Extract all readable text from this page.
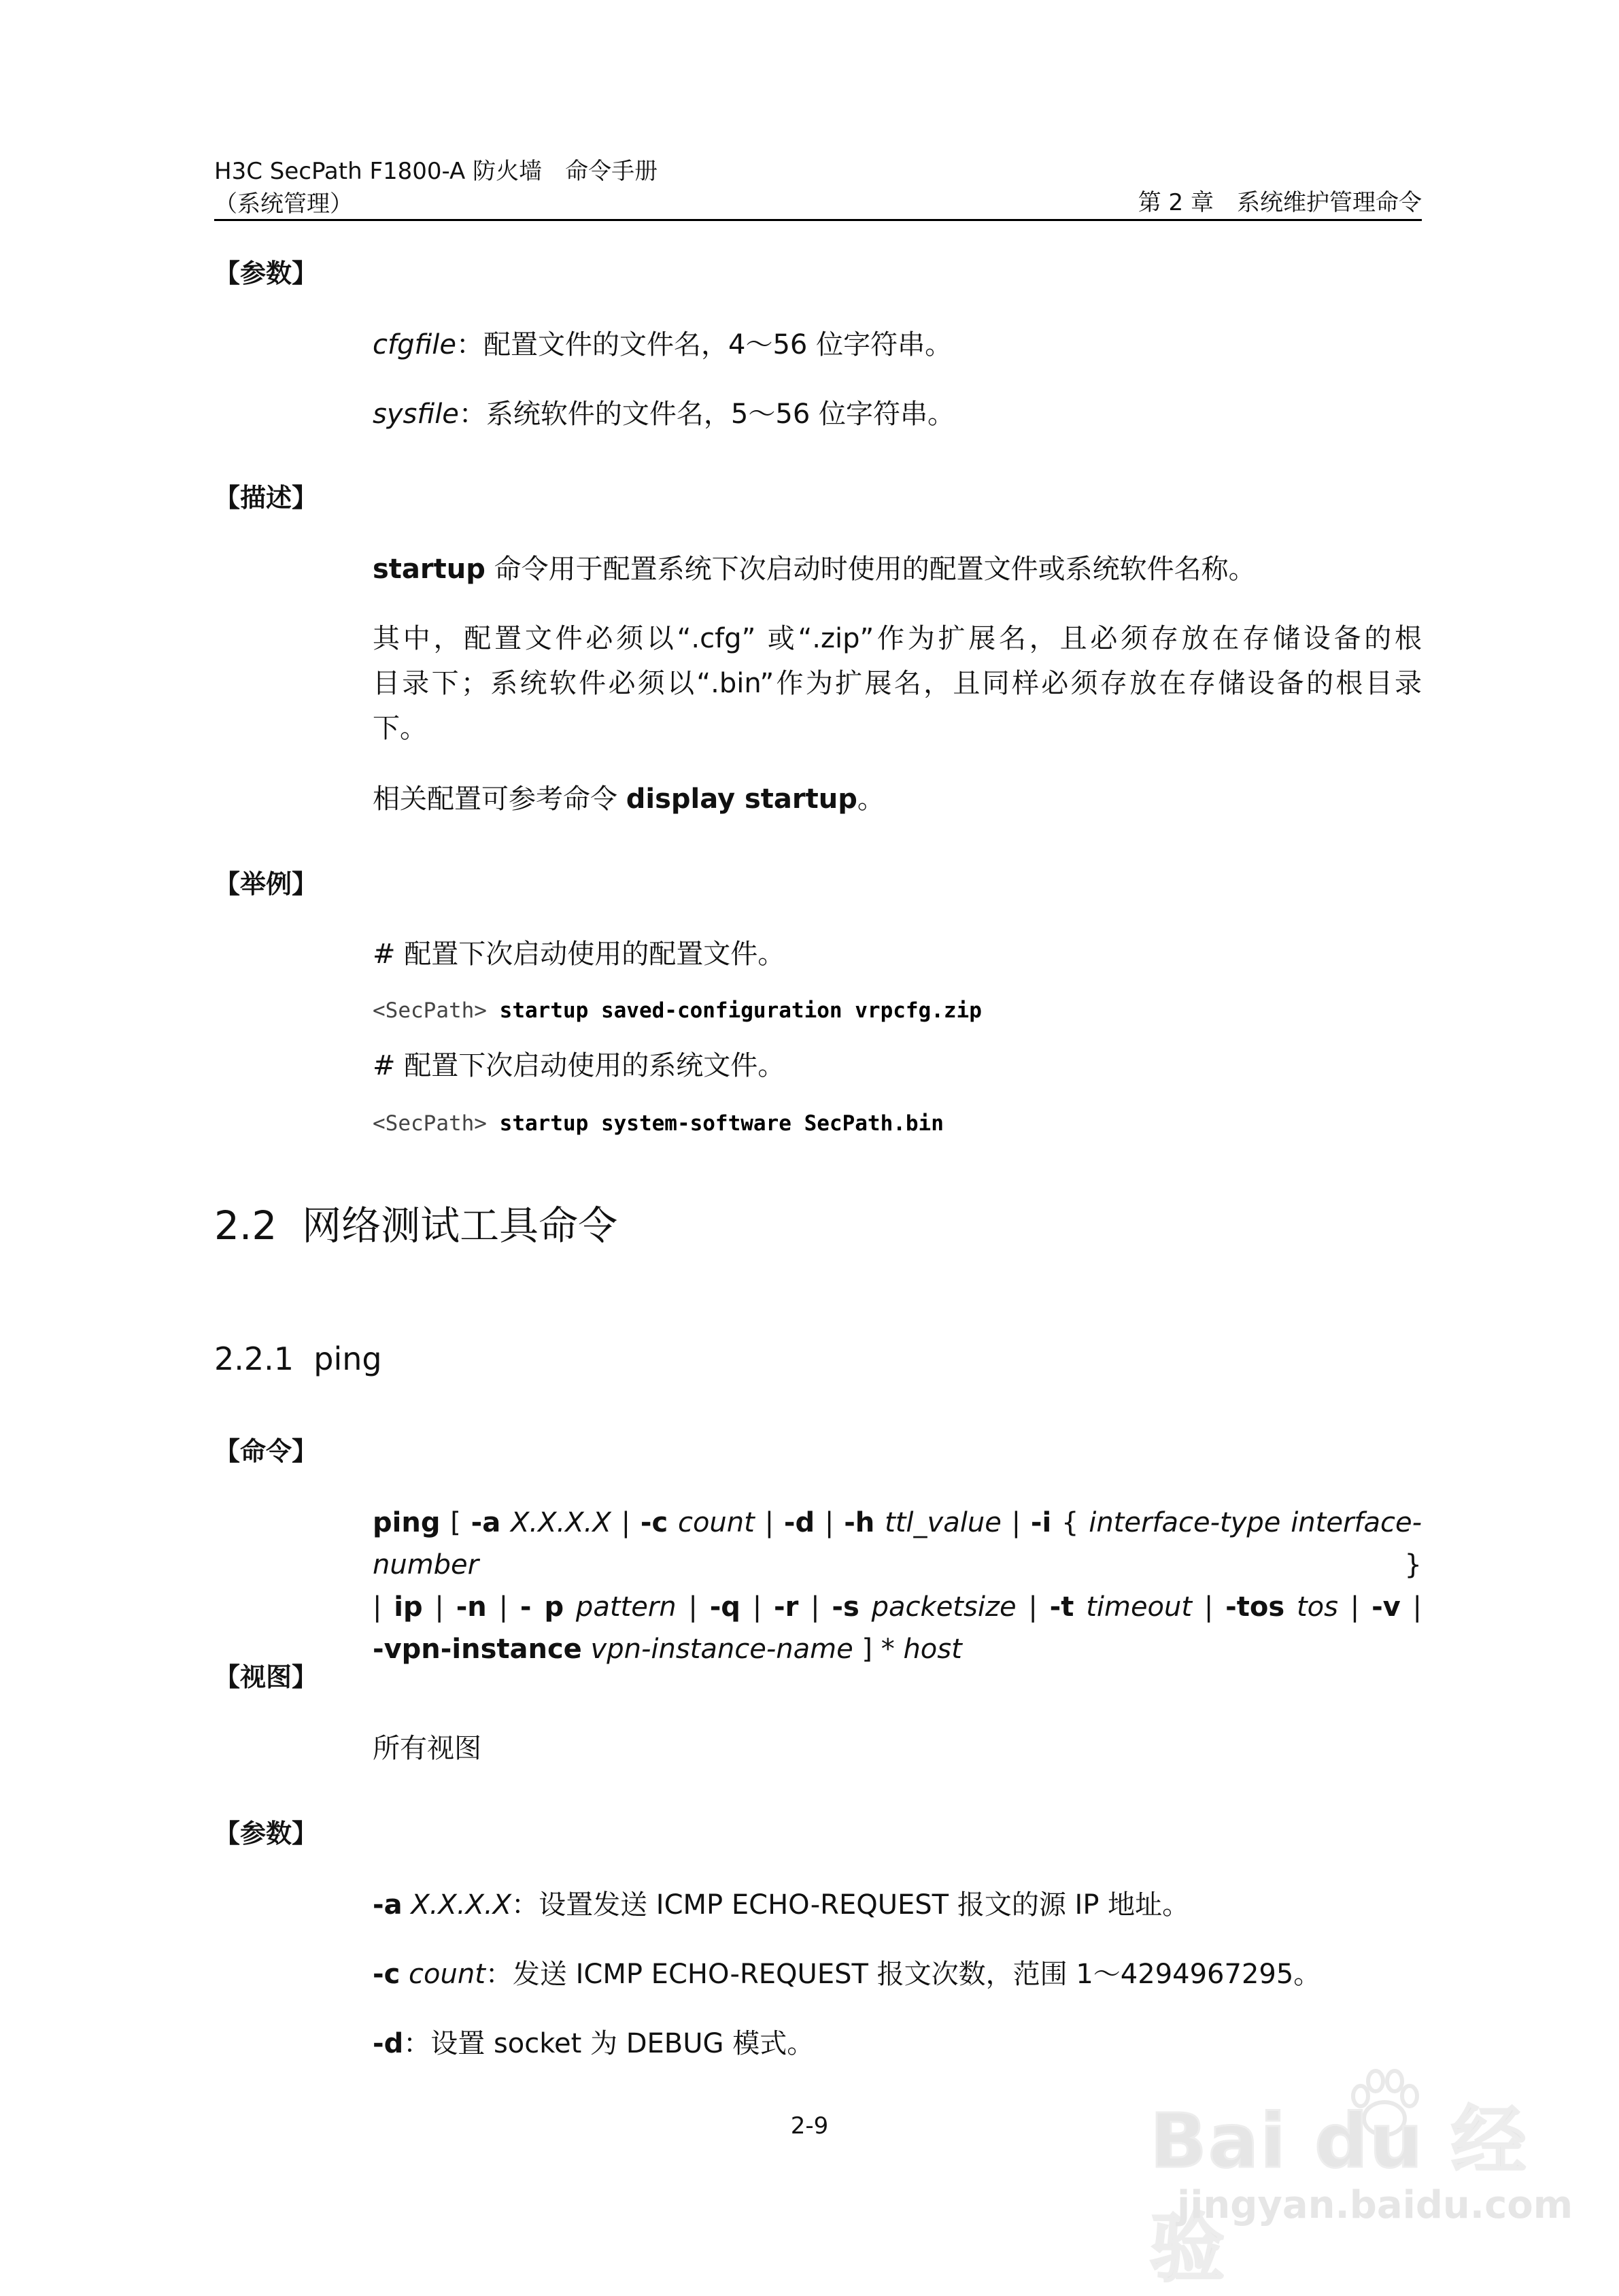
H3C SecPath F1800-A 防火墙　命令手册
（系统管理）	第 2 章　系统维护管理命令
【参数】
cfgfile：配置文件的文件名，4～56 位字符串。
sysfile：系统软件的文件名，5～56 位字符串。
【描述】
startup 命令用于配置系统下次启动时使用的配置文件或系统软件名称。
其中，配置文件必须以“.cfg” 或“.zip”作为扩展名，且必须存放在存储设备的根
目录下；系统软件必须以“.bin”作为扩展名，且同样必须存放在存储设备的根目录
下。
相关配置可参考命令 display startup。
【举例】
# 配置下次启动使用的配置文件。
<SecPath> startup saved-configuration vrpcfg.zip
# 配置下次启动使用的系统文件。
<SecPath> startup system-software SecPath.bin
2.2 网络测试工具命令
2.2.1 ping
【命令】
ping [ -a X.X.X.X | -c count | -d | -h ttl_value | -i { interface-type interface-number }
| ip | -n | - p pattern | -q | -r | -s packetsize | -t timeout | -tos tos | -v |
-vpn-instance vpn-instance-name ] * host
【视图】
所有视图
【参数】
-a X.X.X.X：设置发送 ICMP ECHO-REQUEST 报文的源 IP 地址。
-c count：发送 ICMP ECHO-REQUEST 报文次数，范围 1～4294967295。
-d：设置 socket 为 DEBUG 模式。
2-9	Bai du 经验
jingyan.baidu.com
